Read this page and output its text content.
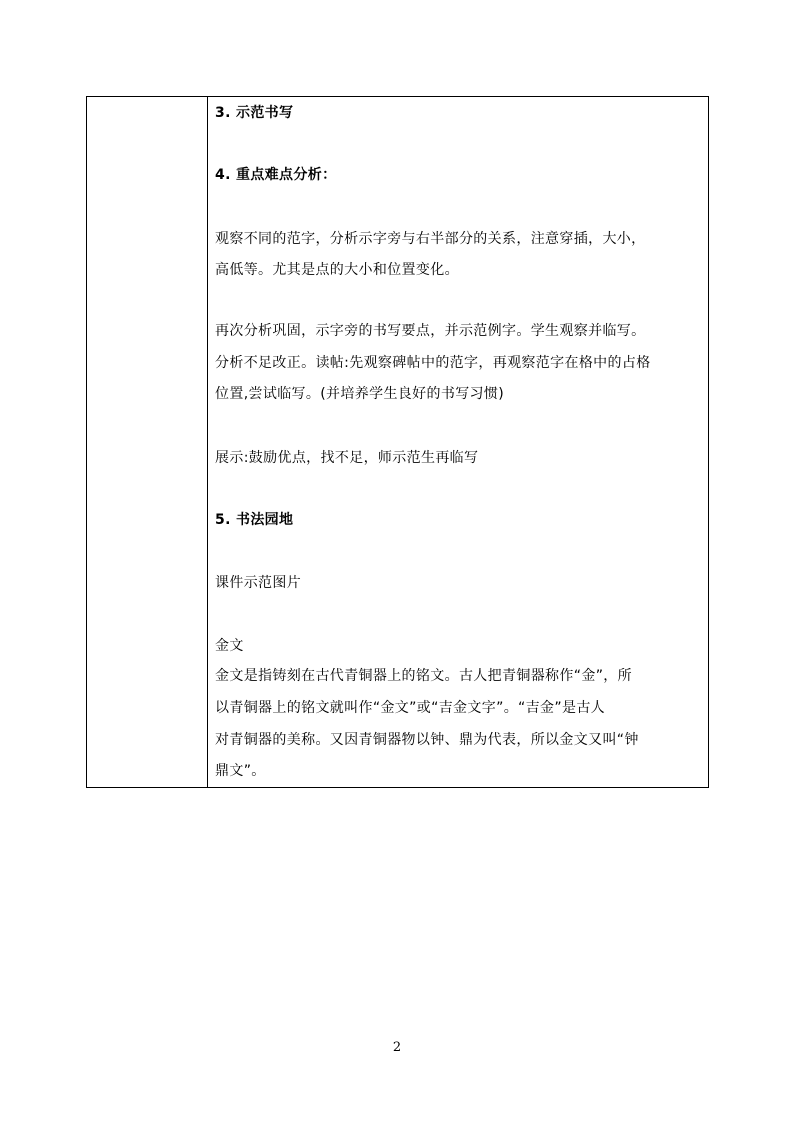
3. 示范书写
4. 重点难点分析：
观察不同的范字，分析示字旁与右半部分的关系，注意穿插，大小，
高低等。尤其是点的大小和位置变化。
再次分析巩固，示字旁的书写要点，并示范例字。学生观察并临写。
分析不足改正。读帖:先观察碑帖中的范字，再观察范字在格中的占格
位置,尝试临写。(并培养学生良好的书写习惯)
展示:鼓励优点，找不足，师示范生再临写
5. 书法园地
课件示范图片
金文
金文是指铸刻在古代青铜器上的铭文。古人把青铜器称作“金”，所
以青铜器上的铭文就叫作“金文”或“吉金文字”。“吉金”是古人
对青铜器的美称。又因青铜器物以钟、鼎为代表，所以金文又叫“钟
鼎文”。
2
